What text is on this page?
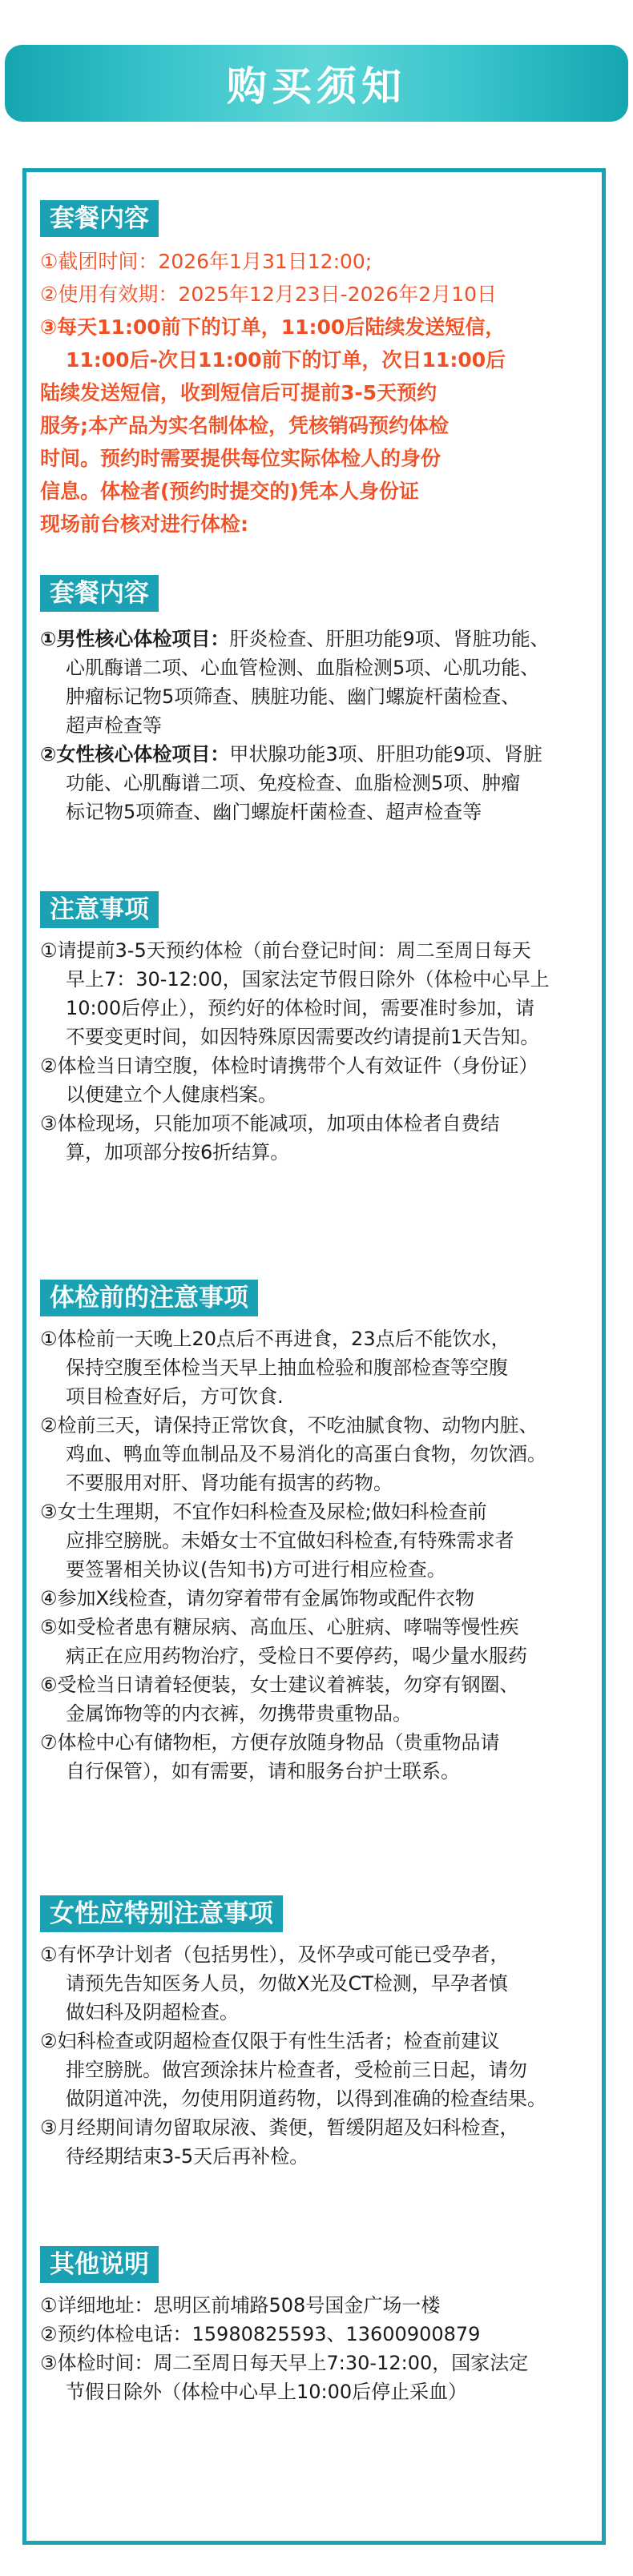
购买须知
套餐内容
①截团时间：2026年1月31日12:00;
②使用有效期：2025年12月23日-2026年2月10日
③每天11:00前下的订单，11:00后陆续发送短信，
11:00后-次日11:00前下的订单，次日11:00后
陆续发送短信，收到短信后可提前3-5天预约
服务;本产品为实名制体检，凭核销码预约体检
时间。预约时需要提供每位实际体检人的身份
信息。体检者(预约时提交的)凭本人身份证
现场前台核对进行体检:
套餐内容
①男性核心体检项目：肝炎检查、肝胆功能9项、肾脏功能、
心肌酶谱二项、心血管检测、血脂检测5项、心肌功能、
肿瘤标记物5项筛查、胰脏功能、幽门螺旋杆菌检查、
超声检查等
②女性核心体检项目：甲状腺功能3项、肝胆功能9项、肾脏
功能、心肌酶谱二项、免疫检查、血脂检测5项、肿瘤
标记物5项筛查、幽门螺旋杆菌检查、超声检查等
注意事项
①请提前3-5天预约体检（前台登记时间：周二至周日每天
早上7：30-12:00，国家法定节假日除外（体检中心早上
10:00后停止），预约好的体检时间，需要准时参加，请
不要变更时间，如因特殊原因需要改约请提前1天告知。
②体检当日请空腹，体检时请携带个人有效证件（身份证）
以便建立个人健康档案。
③体检现场，只能加项不能减项，加项由体检者自费结
算，加项部分按6折结算。
体检前的注意事项
①体检前一天晚上20点后不再进食，23点后不能饮水，
保持空腹至体检当天早上抽血检验和腹部检查等空腹
项目检查好后，方可饮食.
②检前三天，请保持正常饮食，不吃油腻食物、动物内脏、
鸡血、鸭血等血制品及不易消化的高蛋白食物，勿饮酒。
不要服用对肝、肾功能有损害的药物。
③女士生理期，不宜作妇科检查及尿检;做妇科检查前
应排空膀胱。未婚女士不宜做妇科检查,有特殊需求者
要签署相关协议(告知书)方可进行相应检查。
④参加X线检查，请勿穿着带有金属饰物或配件衣物
⑤如受检者患有糖尿病、高血压、心脏病、哮喘等慢性疾
病正在应用药物治疗，受检日不要停药，喝少量水服药
⑥受检当日请着轻便装，女士建议着裤装，勿穿有钢圈、
金属饰物等的内衣裤，勿携带贵重物品。
⑦体检中心有储物柜，方便存放随身物品（贵重物品请
自行保管），如有需要，请和服务台护士联系。
女性应特别注意事项
①有怀孕计划者（包括男性），及怀孕或可能已受孕者，
请预先告知医务人员，勿做X光及CT检测，早孕者慎
做妇科及阴超检查。
②妇科检查或阴超检查仅限于有性生活者；检查前建议
排空膀胱。做宫颈涂抹片检查者，受检前三日起，请勿
做阴道冲洗，勿使用阴道药物，以得到准确的检查结果。
③月经期间请勿留取尿液、粪便，暂缓阴超及妇科检查，
待经期结束3-5天后再补检。
其他说明
①详细地址：思明区前埔路508号国金广场一楼
②预约体检电话：15980825593、13600900879
③体检时间：周二至周日每天早上7:30-12:00，国家法定
节假日除外（体检中心早上10:00后停止采血）
